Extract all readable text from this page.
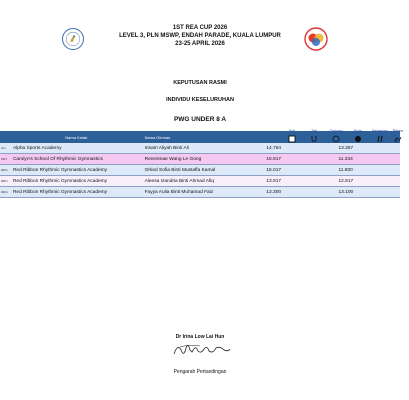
1ST REA CUP 2026
LEVEL 3, PLN MSWP, ENDAH PARADE, KUALA LUMPUR
23-25 APRIL 2026
KEPUTUSAN RASMI
INDIVIDU KESELURUHAN
PWG UNDER 8 A
	Nama Kelab	Nama Gimnas						
ALI	Alpha Sports Academy	Irisatri Aliyah Binti Ali	14.784			13.367		
CRY	Carolyn's School Of Rhythmic Gymnastics	Renesmae Wang Le Gong	15.917			11.334		
RRG	Red Ribbon Rhythmic Gymnastics Academy	Orked Sofia Binti Mustaffa Kamal	15.017			11.800		
RRG	Red Ribbon Rhythmic Gymnastics Academy	Aleesa Izandria Binti Ahmad Afiq	13.917			12.817		
RRG	Red Ribbon Rhythmic Gymnastics Academy	Fayya Aulia Binti Muhamad Faiz	13.300			13.100		
Frh	Tali	Gelung	Bola	Belantan	Riben
Dr Irina Low Lai Hun
Pengarah Pertandingan
